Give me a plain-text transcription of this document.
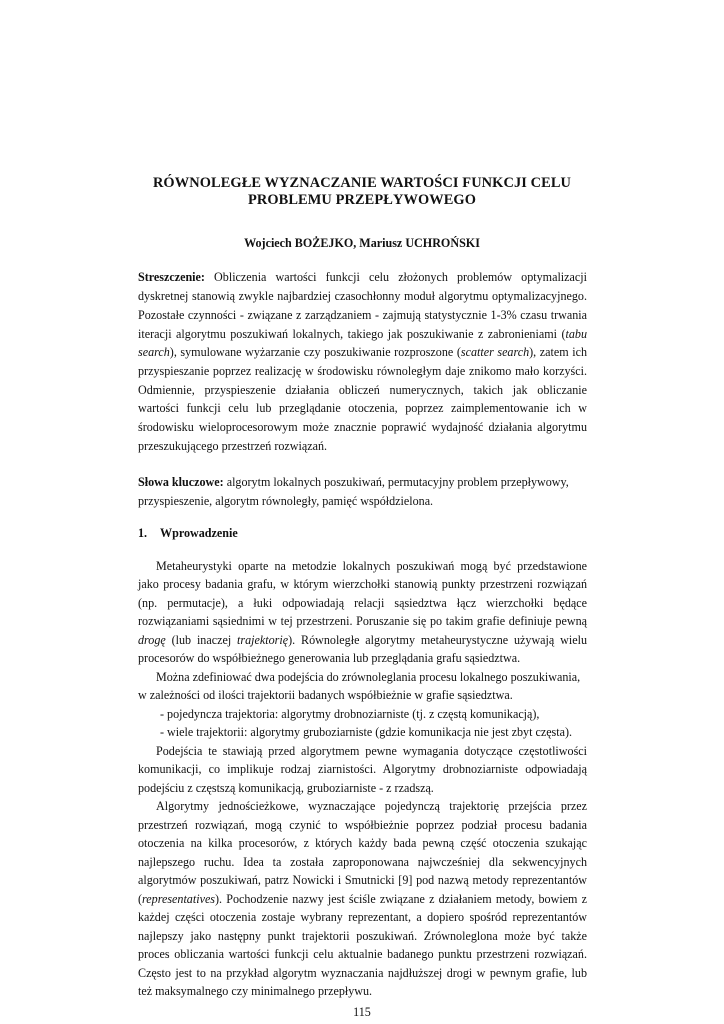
RÓWNOLEGŁE WYZNACZANIE WARTOŚCI FUNKCJI CELU
PROBLEMU PRZEPŁYWOWEGO
Wojciech BOŻEJKO, Mariusz UCHROŃSKI
Streszczenie: Obliczenia wartości funkcji celu złożonych problemów optymalizacji
dyskretnej stanowią zwykle najbardziej czasochłonny moduł algorytmu optymalizacyjnego.
Pozostałe czynności - związane z zarządzaniem - zajmują statystycznie 1-3% czasu trwania
iteracji algorytmu poszukiwań lokalnych, takiego jak poszukiwanie z zabronieniami (tabu
search), symulowane wyżarzanie czy poszukiwanie rozproszone (scatter search), zatem ich
przyspieszanie poprzez realizację w środowisku równoległym daje znikomo mało korzyści.
Odmiennie, przyspieszenie działania obliczeń numerycznych, takich jak obliczanie
wartości funkcji celu lub przeglądanie otoczenia, poprzez zaimplementowanie ich w
środowisku wieloprocesorowym może znacznie poprawić wydajność działania algorytmu
przeszukującego przestrzeń rozwiązań.
Słowa kluczowe: algorytm lokalnych poszukiwań, permutacyjny problem przepływowy,
przyspieszenie, algorytm równoległy, pamięć współdzielona.
1. Wprowadzenie
Metaheurystyki oparte na metodzie lokalnych poszukiwań mogą być przedstawione
jako procesy badania grafu, w którym wierzchołki stanowią punkty przestrzeni rozwiązań
(np. permutacje), a łuki odpowiadają relacji sąsiedztwa łącz wierzchołki będące
rozwiązaniami sąsiednimi w tej przestrzeni. Poruszanie się po takim grafie definiuje pewną
drogę (lub inaczej trajektorię). Równoległe algorytmy metaheurystyczne używają wielu
procesorów do współbieżnego generowania lub przeglądania grafu sąsiedztwa.
Można zdefiniować dwa podejścia do zrównoleglania procesu lokalnego poszukiwania,
w zależności od ilości trajektorii badanych współbieżnie w grafie sąsiedztwa.
- pojedyncza trajektoria: algorytmy drobnoziarniste (tj. z częstą komunikacją),
- wiele trajektorii: algorytmy gruboziarniste (gdzie komunikacja nie jest zbyt częsta).
Podejścia te stawiają przed algorytmem pewne wymagania dotyczące częstotliwości
komunikacji, co implikuje rodzaj ziarnistości. Algorytmy drobnoziarniste odpowiadają
podejściu z częstszą komunikacją, gruboziarniste - z rzadszą.
Algorytmy jednościeżkowe, wyznaczające pojedynczą trajektorię przejścia przez
przestrzeń rozwiązań, mogą czynić to współbieżnie poprzez podział procesu badania
otoczenia na kilka procesorów, z których każdy bada pewną część otoczenia szukając
najlepszego ruchu. Idea ta została zaproponowana najwcześniej dla sekwencyjnych
algorytmów poszukiwań, patrz Nowicki i Smutnicki [9] pod nazwą metody reprezentantów
(representatives). Pochodzenie nazwy jest ściśle związane z działaniem metody, bowiem z
każdej części otoczenia zostaje wybrany reprezentant, a dopiero spośród reprezentantów
najlepszy jako następny punkt trajektorii poszukiwań. Zrównoleglona może być także
proces obliczania wartości funkcji celu aktualnie badanego punktu przestrzeni rozwiązań.
Często jest to na przykład algorytm wyznaczania najdłuższej drogi w pewnym grafie, lub
też maksymalnego czy minimalnego przepływu.
115
